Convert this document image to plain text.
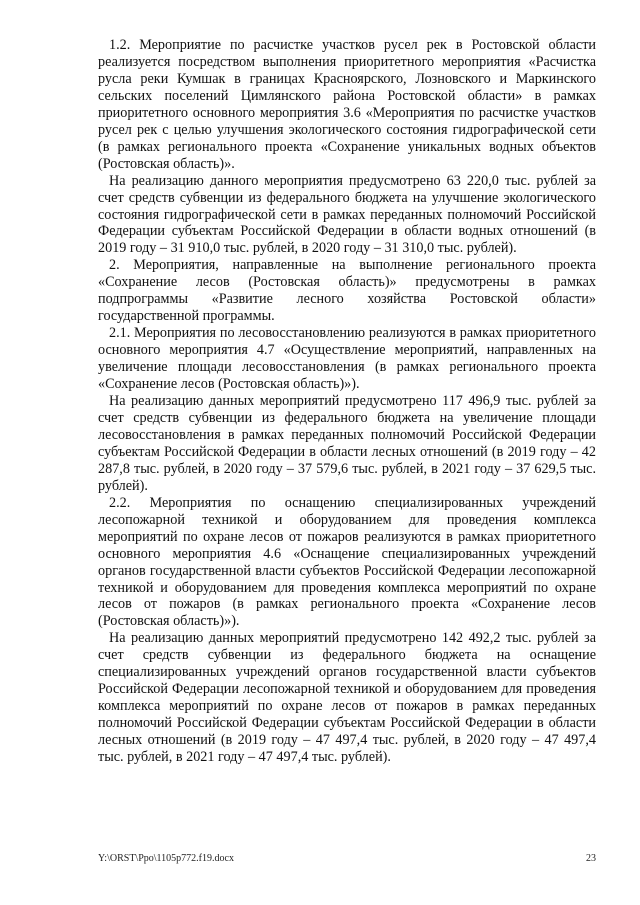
1.2. Мероприятие по расчистке участков русел рек в Ростовской области реализуется посредством выполнения приоритетного мероприятия «Расчистка русла реки Кумшак в границах Красноярского, Лозновского и Маркинского сельских поселений Цимлянского района Ростовской области» в рамках приоритетного основного мероприятия 3.6 «Мероприятия по расчистке участков русел рек с целью улучшения экологического состояния гидрографической сети (в рамках регионального проекта «Сохранение уникальных водных объектов (Ростовская область)».

На реализацию данного мероприятия предусмотрено 63 220,0 тыс. рублей за счет средств субвенции из федерального бюджета на улучшение экологического состояния гидрографической сети в рамках переданных полномочий Российской Федерации субъектам Российской Федерации в области водных отношений (в 2019 году – 31 910,0 тыс. рублей, в 2020 году – 31 310,0 тыс. рублей).

2. Мероприятия, направленные на выполнение регионального проекта «Сохранение лесов (Ростовская область)» предусмотрены в рамках подпрограммы «Развитие лесного хозяйства Ростовской области» государственной программы.

2.1. Мероприятия по лесовосстановлению реализуются в рамках приоритетного основного мероприятия 4.7 «Осуществление мероприятий, направленных на увеличение площади лесовосстановления (в рамках регионального проекта «Сохранение лесов (Ростовская область)»).

На реализацию данных мероприятий предусмотрено 117 496,9 тыс. рублей за счет средств субвенции из федерального бюджета на увеличение площади лесовосстановления в рамках переданных полномочий Российской Федерации субъектам Российской Федерации в области лесных отношений (в 2019 году – 42 287,8 тыс. рублей, в 2020 году – 37 579,6 тыс. рублей, в 2021 году – 37 629,5 тыс. рублей).

2.2. Мероприятия по оснащению специализированных учреждений лесопожарной техникой и оборудованием для проведения комплекса мероприятий по охране лесов от пожаров реализуются в рамках приоритетного основного мероприятия 4.6 «Оснащение специализированных учреждений органов государственной власти субъектов Российской Федерации лесопожарной техникой и оборудованием для проведения комплекса мероприятий по охране лесов от пожаров (в рамках регионального проекта «Сохранение лесов (Ростовская область)»).

На реализацию данных мероприятий предусмотрено 142 492,2 тыс. рублей за счет средств субвенции из федерального бюджета на оснащение специализированных учреждений органов государственной власти субъектов Российской Федерации лесопожарной техникой и оборудованием для проведения комплекса мероприятий по охране лесов от пожаров в рамках переданных полномочий Российской Федерации субъектам Российской Федерации в области лесных отношений (в 2019 году – 47 497,4 тыс. рублей, в 2020 году – 47 497,4 тыс. рублей, в 2021 году – 47 497,4 тыс. рублей).

Y:\ORST\Ppo\1105p772.f19.docx	23
